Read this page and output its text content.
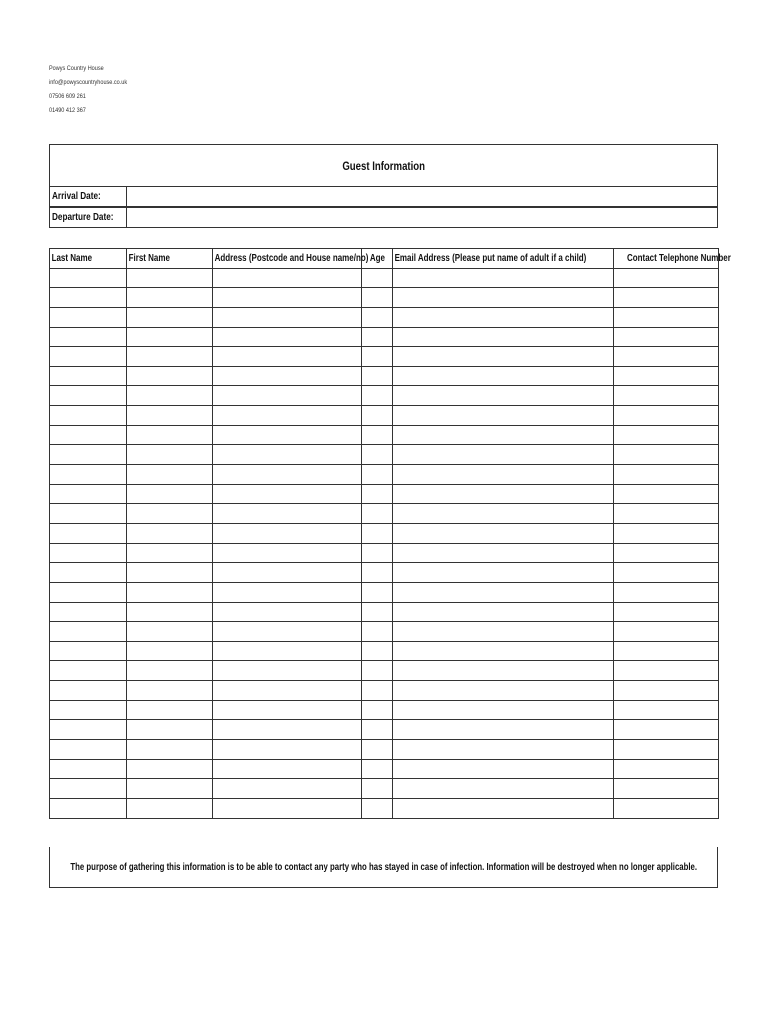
Powys Country House
info@powyscountryhouse.co.uk
07506 609 261
01490 412 367
Guest Information
Arrival Date:
Departure Date:
Last Name	First Name	Address (Postcode and House name/no)	Age	Email Address (Please put name of adult if a child)	Contact Telephone Number

The purpose of gathering this information is to be able to contact any party who has stayed in case of infection. Information will be destroyed when no longer applicable.
